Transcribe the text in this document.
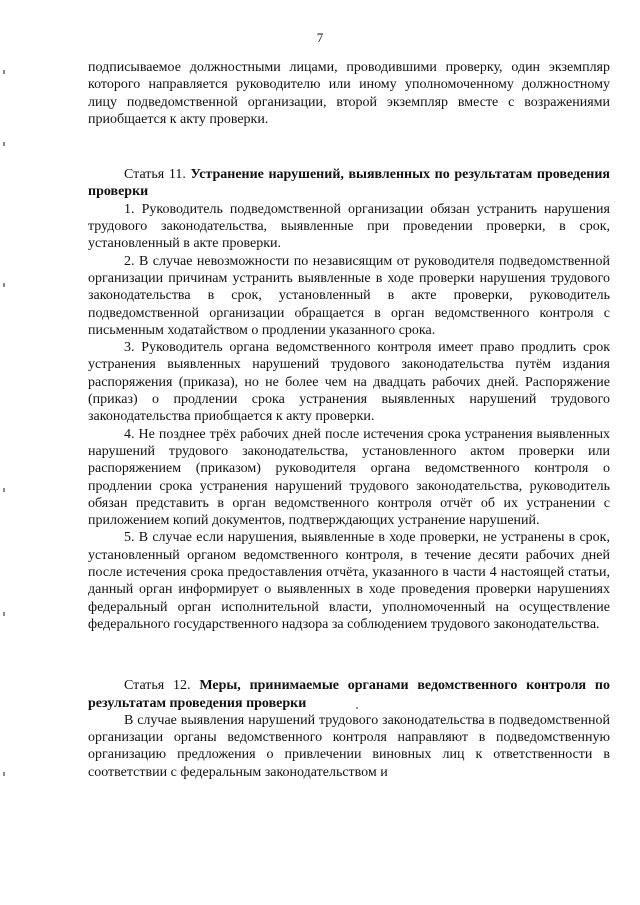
7

подписываемое должностными лицами, проводившими проверку, один экземпляр которого направляется руководителю или иному уполномоченному должностному лицу подведомственной организации, второй экземпляр вместе с возражениями приобщается к акту проверки.

Статья 11. Устранение нарушений, выявленных по результатам проведения проверки

1. Руководитель подведомственной организации обязан устранить нарушения трудового законодательства, выявленные при проведении проверки, в срок, установленный в акте проверки.

2. В случае невозможности по независящим от руководителя подведомственной организации причинам устранить выявленные в ходе проверки нарушения трудового законодательства в срок, установленный в акте проверки, руководитель подведомственной организации обращается в орган ведомственного контроля с письменным ходатайством о продлении указанного срока.

3. Руководитель органа ведомственного контроля имеет право продлить срок устранения выявленных нарушений трудового законодательства путём издания распоряжения (приказа), но не более чем на двадцать рабочих дней. Распоряжение (приказ) о продлении срока устранения выявленных нарушений трудового законодательства приобщается к акту проверки.

4. Не позднее трёх рабочих дней после истечения срока устранения выявленных нарушений трудового законодательства, установленного актом проверки или распоряжением (приказом) руководителя органа ведомственного контроля о продлении срока устранения нарушений трудового законодательства, руководитель обязан представить в орган ведомственного контроля отчёт об их устранении с приложением копий документов, подтверждающих устранение нарушений.

5. В случае если нарушения, выявленные в ходе проверки, не устранены в срок, установленный органом ведомственного контроля, в течение десяти рабочих дней после истечения срока предоставления отчёта, указанного в части 4 настоящей статьи, данный орган информирует о выявленных в ходе проведения проверки нарушениях федеральный орган исполнительной власти, уполномоченный на осуществление федерального государственного надзора за соблюдением трудового законодательства.

Статья 12. Меры, принимаемые органами ведомственного контроля по результатам проведения проверки

В случае выявления нарушений трудового законодательства в подведомственной организации органы ведомственного контроля направляют в подведомственную организацию предложения о привлечении виновных лиц к ответственности в соответствии с федеральным законодательством и
